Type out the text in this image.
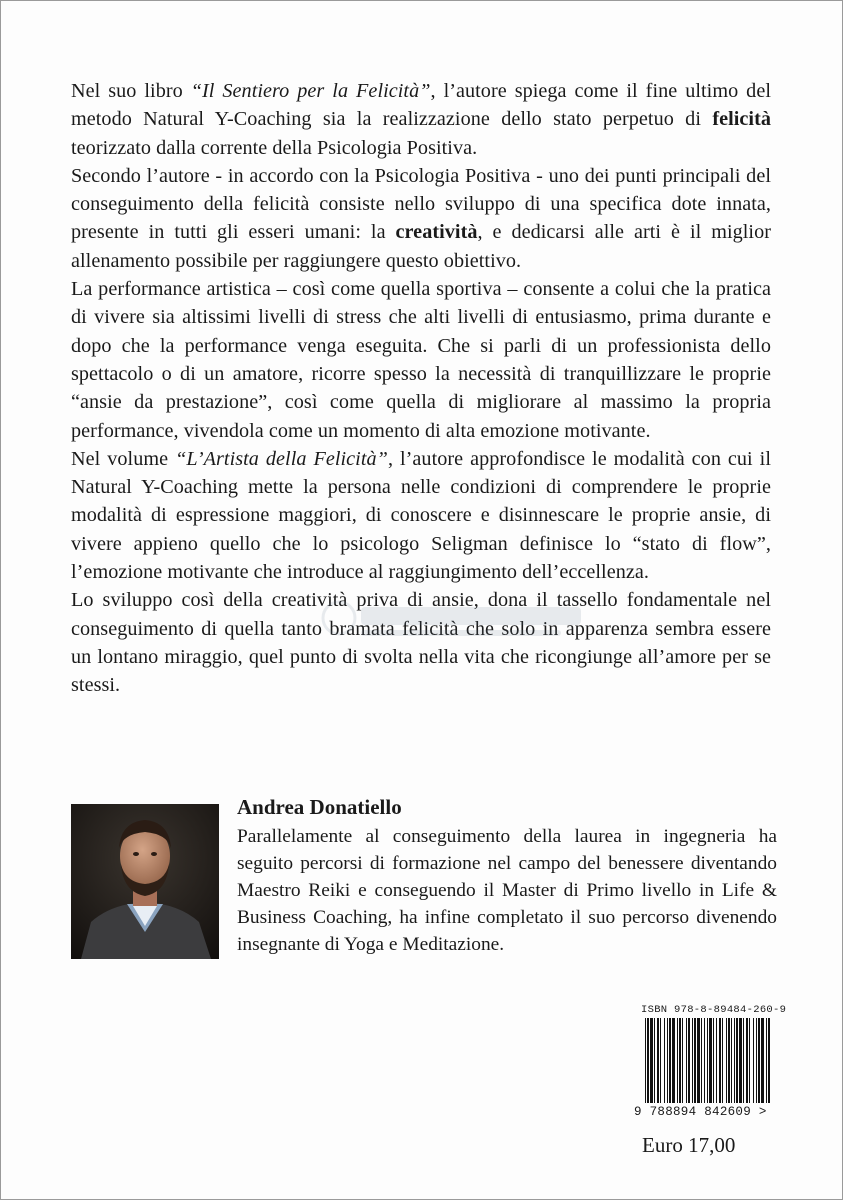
Nel suo libro “Il Sentiero per la Felicità”, l’autore spiega come il fine ultimo del metodo Natural Y-Coaching sia la realizzazione dello stato perpetuo di felicità teorizzato dalla corrente della Psicologia Positiva.

Secondo l’autore - in accordo con la Psicologia Positiva - uno dei punti principali del conseguimento della felicità consiste nello sviluppo di una specifica dote innata, presente in tutti gli esseri umani: la creatività, e dedicarsi alle arti è il miglior allenamento possibile per raggiungere questo obiettivo.

La performance artistica – così come quella sportiva – consente a colui che la pratica di vivere sia altissimi livelli di stress che alti livelli di entusiasmo, prima durante e dopo che la performance venga eseguita. Che si parli di un professionista dello spettacolo o di un amatore, ricorre spesso la necessità di tranquillizzare le proprie “ansie da prestazione”, così come quella di migliorare al massimo la propria performance, vivendola come un momento di alta emozione motivante.

Nel volume “L’Artista della Felicità”, l’autore approfondisce le modalità con cui il Natural Y-Coaching mette la persona nelle condizioni di comprendere le proprie modalità di espressione maggiori, di conoscere e disinnescare le proprie ansie, di vivere appieno quello che lo psicologo Seligman definisce lo “stato di flow”, l’emozione motivante che introduce al raggiungimento dell’eccellenza.

Lo sviluppo così della creatività priva di ansie, dona il tassello fondamentale nel conseguimento di quella tanto bramata felicità che solo in apparenza sembra essere un lontano miraggio, quel punto di svolta nella vita che ricongiunge all’amore per se stessi.

Andrea Donatiello
Parallelamente al conseguimento della laurea in ingegneria ha seguito percorsi di formazione nel campo del benessere diventando Maestro Reiki e conseguendo il Master di Primo livello in Life & Business Coaching, ha infine completato il suo percorso divenendo insegnante di Yoga e Meditazione.
ISBN 978-8-89484-260-9
9 788894 842609 >
Euro 17,00
